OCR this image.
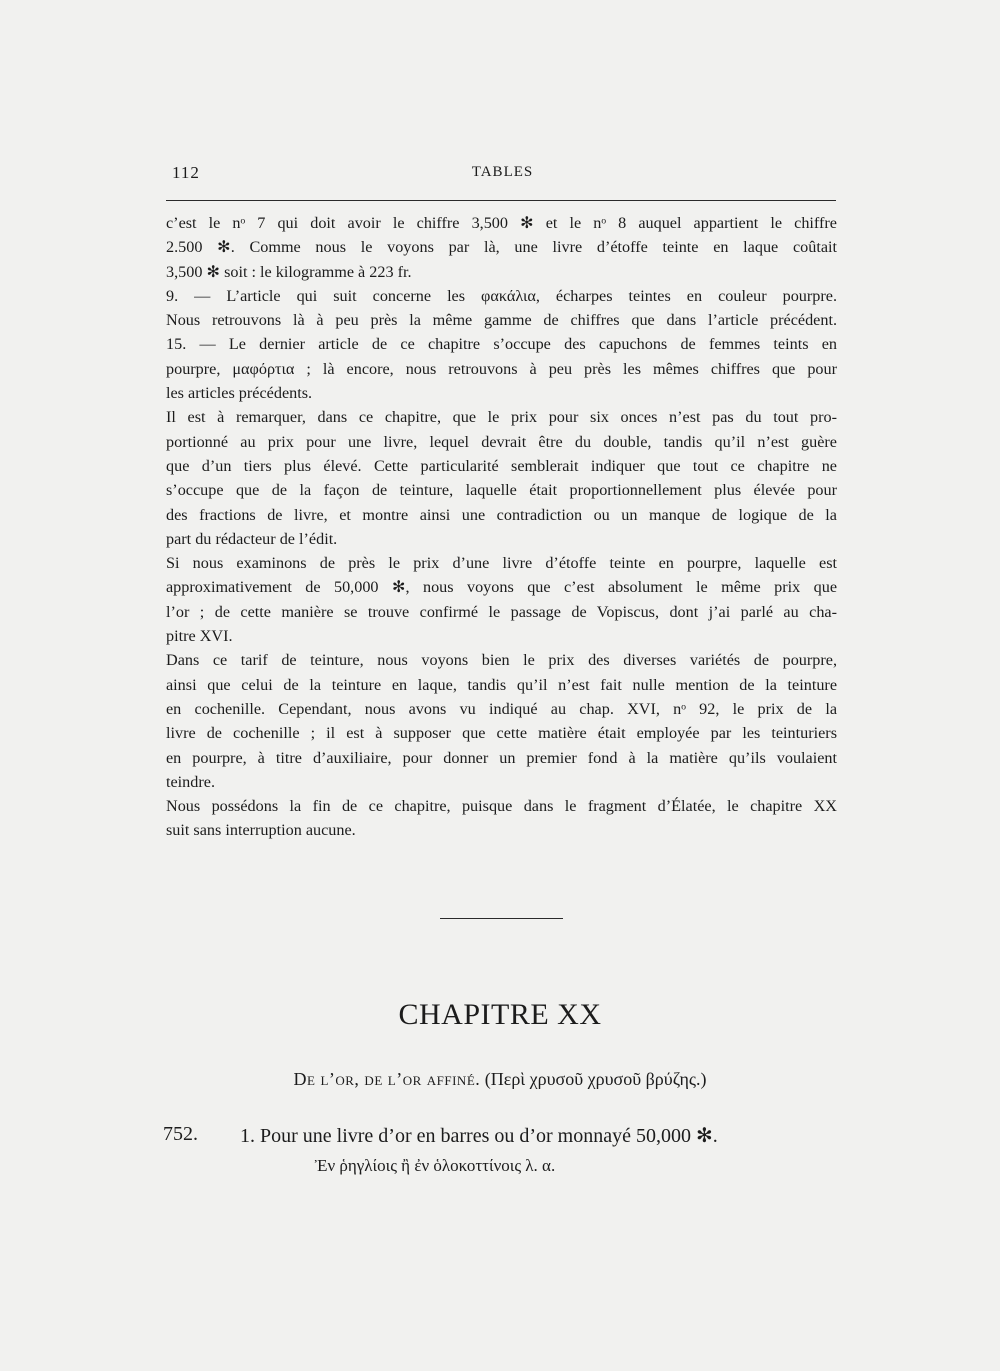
112	TABLES
c’est le nᵒ 7 qui doit avoir le chiffre 3,500 ✻ et le nᵒ 8 auquel appartient le chiffre
2.500 ✻. Comme nous le voyons par là, une livre d’étoffe teinte en laque coûtait
3,500 ✻ soit : le kilogramme à 223 fr.
9. — L’article qui suit concerne les φακάλια, écharpes teintes en couleur pourpre.
Nous retrouvons là à peu près la même gamme de chiffres que dans l’article précédent.
15. — Le dernier article de ce chapitre s’occupe des capuchons de femmes teints en
pourpre, μαφόρτια ; là encore, nous retrouvons à peu près les mêmes chiffres que pour
les articles précédents.
Il est à remarquer, dans ce chapitre, que le prix pour six onces n’est pas du tout pro-
portionné au prix pour une livre, lequel devrait être du double, tandis qu’il n’est guère
que d’un tiers plus élevé. Cette particularité semblerait indiquer que tout ce chapitre ne
s’occupe que de la façon de teinture, laquelle était proportionnellement plus élevée pour
des fractions de livre, et montre ainsi une contradiction ou un manque de logique de la
part du rédacteur de l’édit.
Si nous examinons de près le prix d’une livre d’étoffe teinte en pourpre, laquelle est
approximativement de 50,000 ✻, nous voyons que c’est absolument le même prix que
l’or ; de cette manière se trouve confirmé le passage de Vopiscus, dont j’ai parlé au cha-
pitre XVI.
Dans ce tarif de teinture, nous voyons bien le prix des diverses variétés de pourpre,
ainsi que celui de la teinture en laque, tandis qu’il n’est fait nulle mention de la teinture
en cochenille. Cependant, nous avons vu indiqué au chap. XVI, nᵒ 92, le prix de la
livre de cochenille ; il est à supposer que cette matière était employée par les teinturiers
en pourpre, à titre d’auxiliaire, pour donner un premier fond à la matière qu’ils voulaient
teindre.
Nous possédons la fin de ce chapitre, puisque dans le fragment d’Élatée, le chapitre XX
suit sans interruption aucune.
CHAPITRE XX
De l’or, de l’or affiné. (Περὶ χρυσοῦ χρυσοῦ βρύζης.)
752. 1. Pour une livre d’or en barres ou d’or monnayé 50,000 ✻.
Ἐν ῥηγλίοις ἢ ἐν ὁλοκοττίνοις λ. α.
